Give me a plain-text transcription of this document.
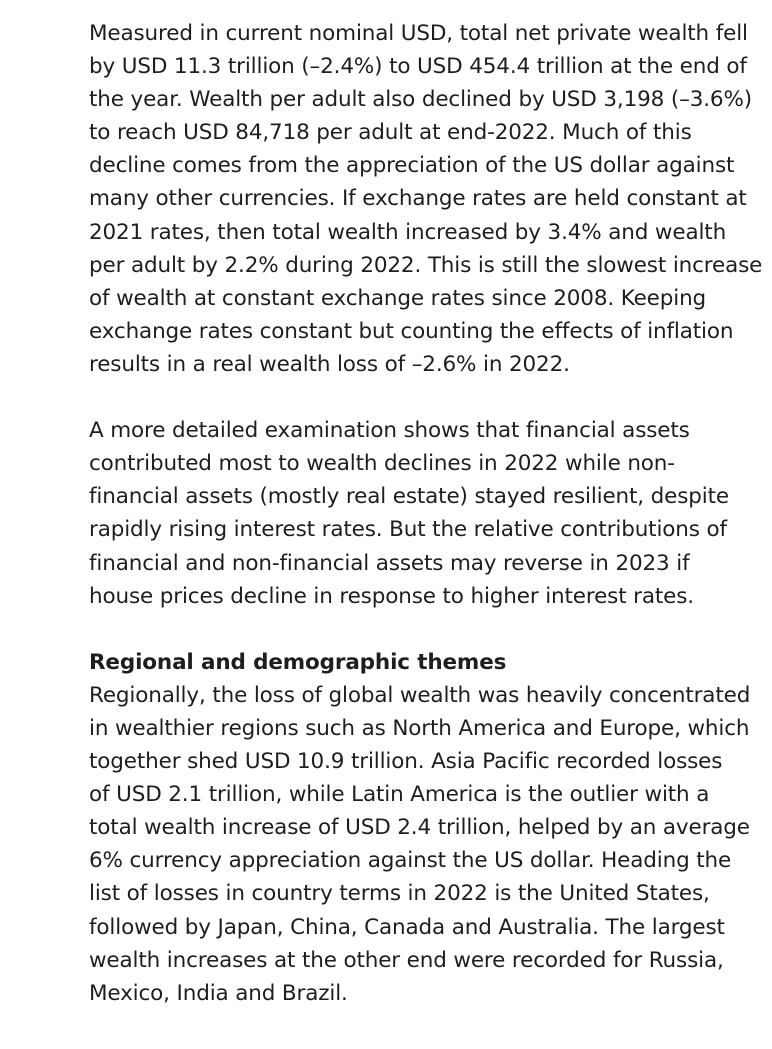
Measured in current nominal USD, total net private wealth fell
by USD 11.3 trillion (–2.4%) to USD 454.4 trillion at the end of
the year. Wealth per adult also declined by USD 3,198 (–3.6%)
to reach USD 84,718 per adult at end-2022. Much of this
decline comes from the appreciation of the US dollar against
many other currencies. If exchange rates are held constant at
2021 rates, then total wealth increased by 3.4% and wealth
per adult by 2.2% during 2022. This is still the slowest increase
of wealth at constant exchange rates since 2008. Keeping
exchange rates constant but counting the effects of inflation
results in a real wealth loss of –2.6% in 2022.

A more detailed examination shows that financial assets
contributed most to wealth declines in 2022 while non-
financial assets (mostly real estate) stayed resilient, despite
rapidly rising interest rates. But the relative contributions of
financial and non-financial assets may reverse in 2023 if
house prices decline in response to higher interest rates.

Regional and demographic themes

Regionally, the loss of global wealth was heavily concentrated
in wealthier regions such as North America and Europe, which
together shed USD 10.9 trillion. Asia Pacific recorded losses
of USD 2.1 trillion, while Latin America is the outlier with a
total wealth increase of USD 2.4 trillion, helped by an average
6% currency appreciation against the US dollar. Heading the
list of losses in country terms in 2022 is the United States,
followed by Japan, China, Canada and Australia. The largest
wealth increases at the other end were recorded for Russia,
Mexico, India and Brazil.
